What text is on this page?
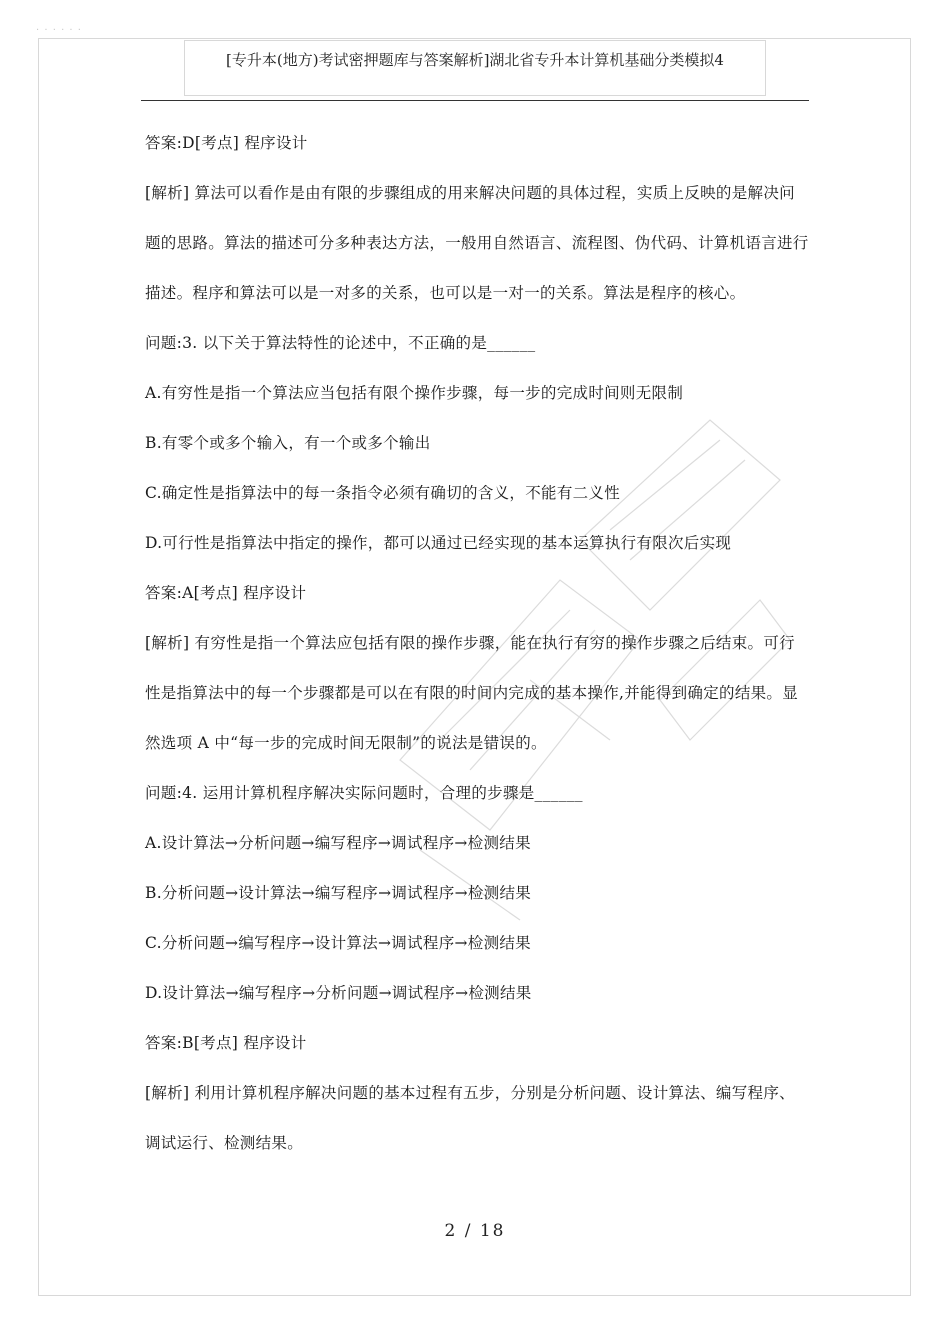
· · · · · ·
[专升本(地方)考试密押题库与答案解析]湖北省专升本计算机基础分类模拟4

答案:D[考点] 程序设计

[解析] 算法可以看作是由有限的步骤组成的用来解决问题的具体过程，实质上反映的是解决问题的思路。算法的描述可分多种表达方法，一般用自然语言、流程图、伪代码、计算机语言进行描述。程序和算法可以是一对多的关系，也可以是一对一的关系。算法是程序的核心。

问题:3. 以下关于算法特性的论述中，不正确的是______

A.有穷性是指一个算法应当包括有限个操作步骤，每一步的完成时间则无限制

B.有零个或多个输入，有一个或多个输出

C.确定性是指算法中的每一条指令必须有确切的含义，不能有二义性

D.可行性是指算法中指定的操作，都可以通过已经实现的基本运算执行有限次后实现

答案:A[考点] 程序设计

[解析] 有穷性是指一个算法应包括有限的操作步骤，能在执行有穷的操作步骤之后结束。可行性是指算法中的每一个步骤都是可以在有限的时间内完成的基本操作,并能得到确定的结果。显然选项 A 中“每一步的完成时间无限制”的说法是错误的。

问题:4. 运用计算机程序解决实际问题时，合理的步骤是______

A.设计算法→分析问题→编写程序→调试程序→检测结果

B.分析问题→设计算法→编写程序→调试程序→检测结果

C.分析问题→编写程序→设计算法→调试程序→检测结果

D.设计算法→编写程序→分析问题→调试程序→检测结果

答案:B[考点] 程序设计

[解析] 利用计算机程序解决问题的基本过程有五步，分别是分析问题、设计算法、编写程序、调试运行、检测结果。

2 / 18
